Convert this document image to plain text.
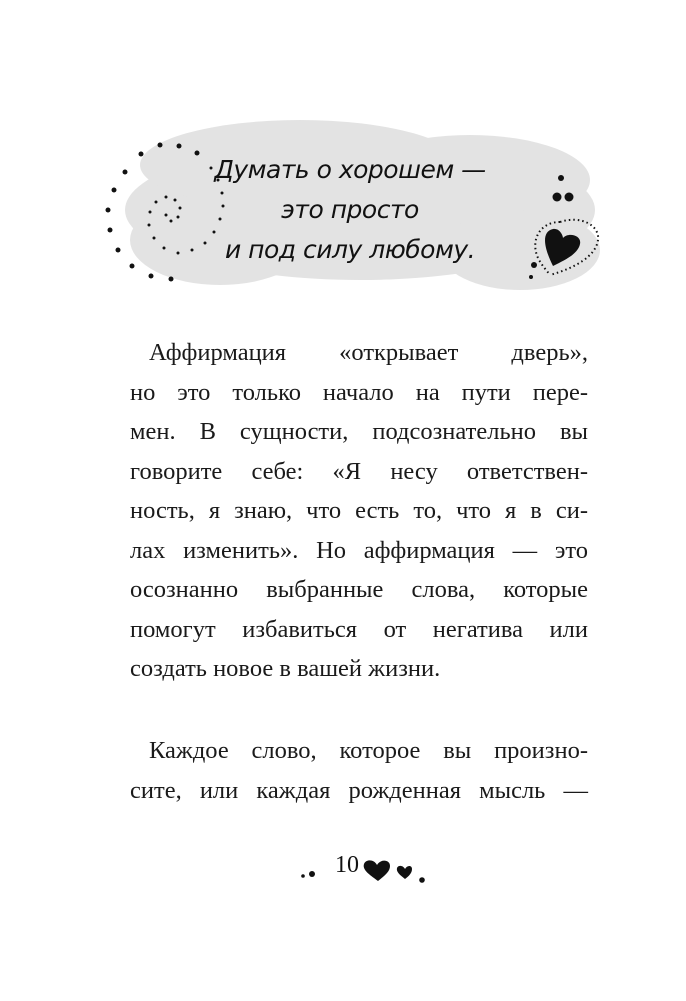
Думать о хорошем —
это просто
и под силу любому.
Аффирмация «открывает дверь»,
но это только начало на пути пере-
мен. В сущности, подсознательно вы
говорите себе: «Я несу ответствен-
ность, я знаю, что есть то, что я в си-
лах изменить». Но аффирмация — это
осознанно выбранные слова, которые
помогут избавиться от негатива или
создать новое в вашей жизни.
Каждое слово, которое вы произно-
сите, или каждая рожденная мысль —
10
